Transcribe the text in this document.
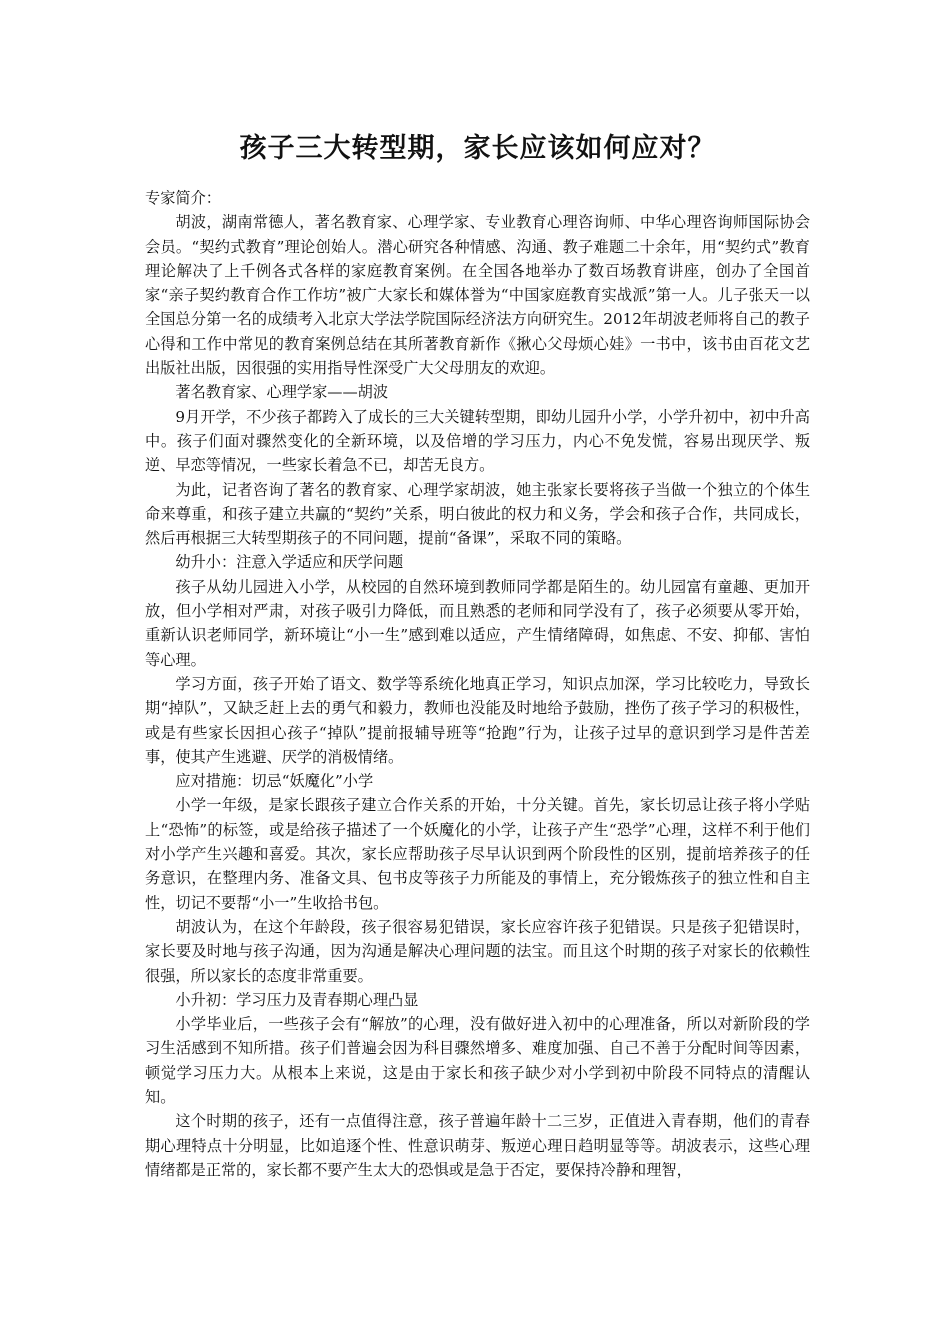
孩子三大转型期，家长应该如何应对？

专家简介：

胡波，湖南常德人，著名教育家、心理学家、专业教育心理咨询师、中华心理咨询师国际协会会员。“契约式教育”理论创始人。潜心研究各种情感、沟通、教子难题二十余年，用“契约式”教育理论解决了上千例各式各样的家庭教育案例。在全国各地举办了数百场教育讲座，创办了全国首家“亲子契约教育合作工作坊”被广大家长和媒体誉为“中国家庭教育实战派”第一人。儿子张天一以全国总分第一名的成绩考入北京大学法学院国际经济法方向研究生。2012年胡波老师将自己的教子心得和工作中常见的教育案例总结在其所著教育新作《揪心父母烦心娃》一书中，该书由百花文艺出版社出版，因很强的实用指导性深受广大父母朋友的欢迎。

著名教育家、心理学家——胡波

9月开学，不少孩子都跨入了成长的三大关键转型期，即幼儿园升小学，小学升初中，初中升高中。孩子们面对骤然变化的全新环境，以及倍增的学习压力，内心不免发慌，容易出现厌学、叛逆、早恋等情况，一些家长着急不已，却苦无良方。

为此，记者咨询了著名的教育家、心理学家胡波，她主张家长要将孩子当做一个独立的个体生命来尊重，和孩子建立共赢的“契约”关系，明白彼此的权力和义务，学会和孩子合作，共同成长，然后再根据三大转型期孩子的不同问题，提前“备课”，采取不同的策略。

幼升小：注意入学适应和厌学问题

孩子从幼儿园进入小学，从校园的自然环境到教师同学都是陌生的。幼儿园富有童趣、更加开放，但小学相对严肃，对孩子吸引力降低，而且熟悉的老师和同学没有了，孩子必须要从零开始，重新认识老师同学，新环境让“小一生”感到难以适应，产生情绪障碍，如焦虑、不安、抑郁、害怕等心理。

学习方面，孩子开始了语文、数学等系统化地真正学习，知识点加深，学习比较吃力，导致长期“掉队”，又缺乏赶上去的勇气和毅力，教师也没能及时地给予鼓励，挫伤了孩子学习的积极性，或是有些家长因担心孩子“掉队”提前报辅导班等“抢跑”行为，让孩子过早的意识到学习是件苦差事，使其产生逃避、厌学的消极情绪。

应对措施：切忌“妖魔化”小学

小学一年级，是家长跟孩子建立合作关系的开始，十分关键。首先，家长切忌让孩子将小学贴上“恐怖”的标签，或是给孩子描述了一个妖魔化的小学，让孩子产生“恐学”心理，这样不利于他们对小学产生兴趣和喜爱。其次，家长应帮助孩子尽早认识到两个阶段性的区别，提前培养孩子的任务意识，在整理内务、准备文具、包书皮等孩子力所能及的事情上，充分锻炼孩子的独立性和自主性，切记不要帮“小一”生收拾书包。

胡波认为，在这个年龄段，孩子很容易犯错误，家长应容许孩子犯错误。只是孩子犯错误时，家长要及时地与孩子沟通，因为沟通是解决心理问题的法宝。而且这个时期的孩子对家长的依赖性很强，所以家长的态度非常重要。

小升初：学习压力及青春期心理凸显

小学毕业后，一些孩子会有“解放”的心理，没有做好进入初中的心理准备，所以对新阶段的学习生活感到不知所措。孩子们普遍会因为科目骤然增多、难度加强、自己不善于分配时间等因素，顿觉学习压力大。从根本上来说，这是由于家长和孩子缺少对小学到初中阶段不同特点的清醒认知。

这个时期的孩子，还有一点值得注意，孩子普遍年龄十二三岁，正值进入青春期，他们的青春期心理特点十分明显，比如追逐个性、性意识萌芽、叛逆心理日趋明显等等。胡波表示，这些心理情绪都是正常的，家长都不要产生太大的恐惧或是急于否定，要保持冷静和理智，
